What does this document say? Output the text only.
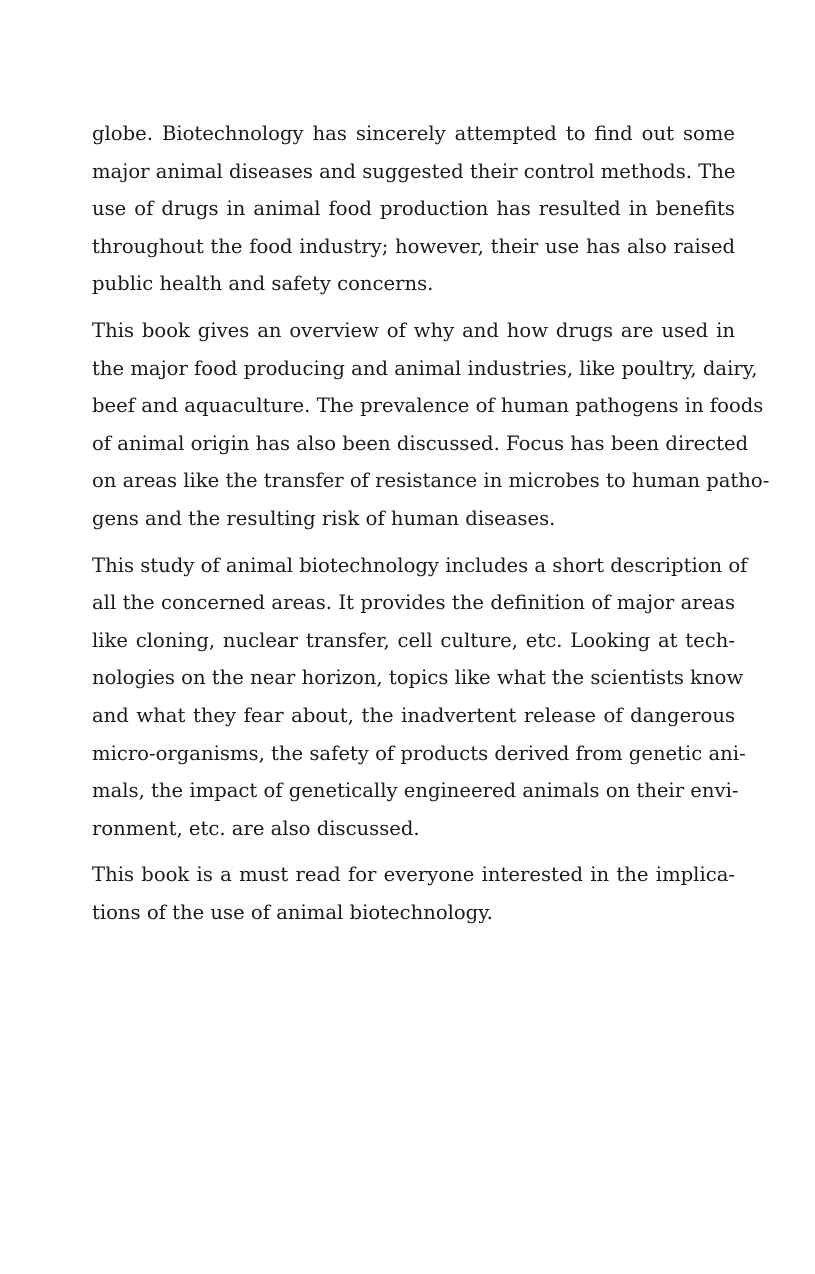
globe. Biotechnology has sincerely attempted to find out some
major animal diseases and suggested their control methods. The
use of drugs in animal food production has resulted in benefits
throughout the food industry; however, their use has also raised
public health and safety concerns.
This book gives an overview of why and how drugs are used in
the major food producing and animal industries, like poultry, dairy,
beef and aquaculture. The prevalence of human pathogens in foods
of animal origin has also been discussed. Focus has been directed
on areas like the transfer of resistance in microbes to human patho-
gens and the resulting risk of human diseases.
This study of animal biotechnology includes a short description of
all the concerned areas. It provides the definition of major areas
like cloning, nuclear transfer, cell culture, etc. Looking at tech-
nologies on the near horizon, topics like what the scientists know
and what they fear about, the inadvertent release of dangerous
micro-organisms, the safety of products derived from genetic ani-
mals, the impact of genetically engineered animals on their envi-
ronment, etc. are also discussed.
This book is a must read for everyone interested in the implica-
tions of the use of animal biotechnology.
